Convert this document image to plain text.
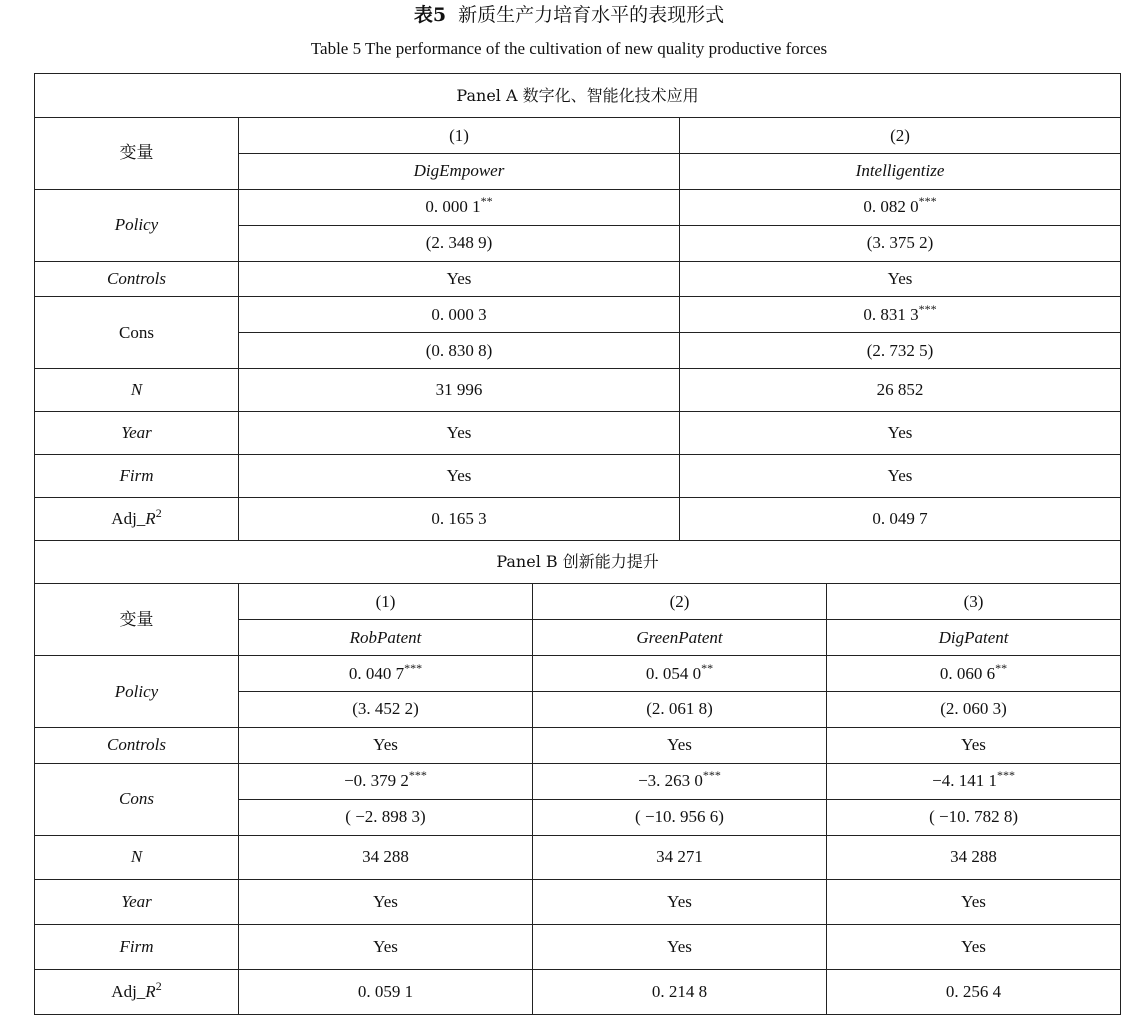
表5 新质生产力培育水平的表现形式
Table 5 The performance of the cultivation of new quality productive forces
Panel A 数字化、智能化技术应用				
变量	(1)		(2)	
	DigEmpower		Intelligentize	
Policy	0. 000 1**		0. 082 0***
	(2. 348 9)		(3. 375 2)	
Controls	Yes		Yes	
Cons	0. 000 3		0. 831 3***
	(0. 830 8)		(2. 732 5)	
N	31 996		26 852	
Year	Yes		Yes	
Firm	Yes		Yes	
$Adj\_R^2$	0. 165 3		0. 049 7	
Panel B 创新能力提升				
变量	(1)	(2)		(3)
	RobPatent	GreenPatent		DigPatent
Policy	0. 040 7***	0. 054 0**		0. 060 6**
	(3. 452 2)	(2. 061 8)		(2. 060 3)
Controls	Yes	Yes		Yes
Cons	−0. 379 2***	−3. 263 0***		−4. 141 1***
	( −2. 898 3)	( −10. 956 6)		( −10. 782 8)
N	34 288	34 271		34 288
Year	Yes	Yes		Yes
Firm	Yes	Yes		Yes
$Adj\_R^2$	0. 059 1	0. 214 8		0. 256 4
